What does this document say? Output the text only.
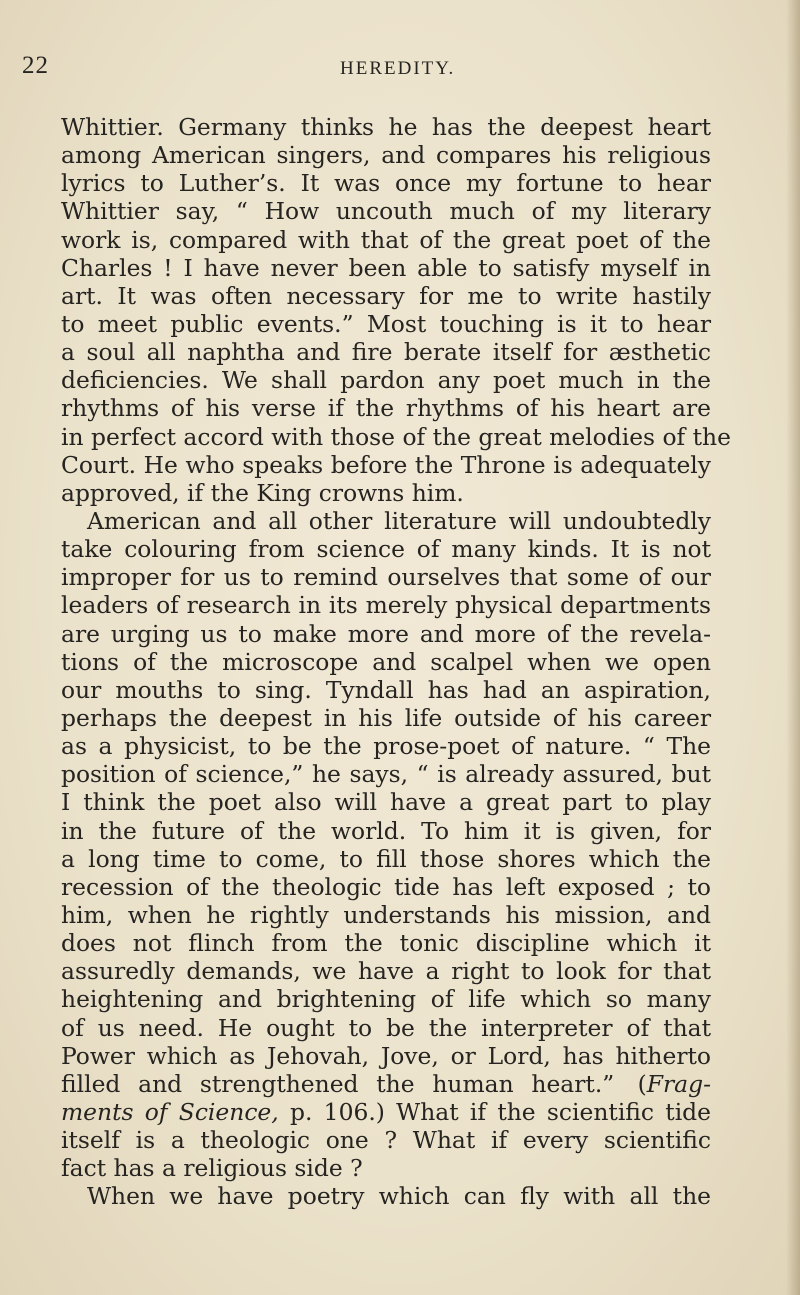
22	HEREDITY.
Whittier. Germany thinks he has the deepest heart
among American singers, and compares his religious
lyrics to Luther’s. It was once my fortune to hear
Whittier say, “ How uncouth much of my literary
work is, compared with that of the great poet of the
Charles ! I have never been able to satisfy myself in
art. It was often necessary for me to write hastily
to meet public events.” Most touching is it to hear
a soul all naphtha and fire berate itself for æsthetic
deficiencies. We shall pardon any poet much in the
rhythms of his verse if the rhythms of his heart are
in perfect accord with those of the great melodies of the
Court. He who speaks before the Throne is adequately
approved, if the King crowns him.
American and all other literature will undoubtedly
take colouring from science of many kinds. It is not
improper for us to remind ourselves that some of our
leaders of research in its merely physical departments
are urging us to make more and more of the revela-
tions of the microscope and scalpel when we open
our mouths to sing. Tyndall has had an aspiration,
perhaps the deepest in his life outside of his career
as a physicist, to be the prose-poet of nature. “ The
position of science,” he says, “ is already assured, but
I think the poet also will have a great part to play
in the future of the world. To him it is given, for
a long time to come, to fill those shores which the
recession of the theologic tide has left exposed ; to
him, when he rightly understands his mission, and
does not flinch from the tonic discipline which it
assuredly demands, we have a right to look for that
heightening and brightening of life which so many
of us need. He ought to be the interpreter of that
Power which as Jehovah, Jove, or Lord, has hitherto
filled and strengthened the human heart.”  (Frag-
ments of Science, p. 106.) What if the scientific tide
itself is a theologic one ? What if every scientific
fact has a religious side ?
When we have poetry which can fly with all the
